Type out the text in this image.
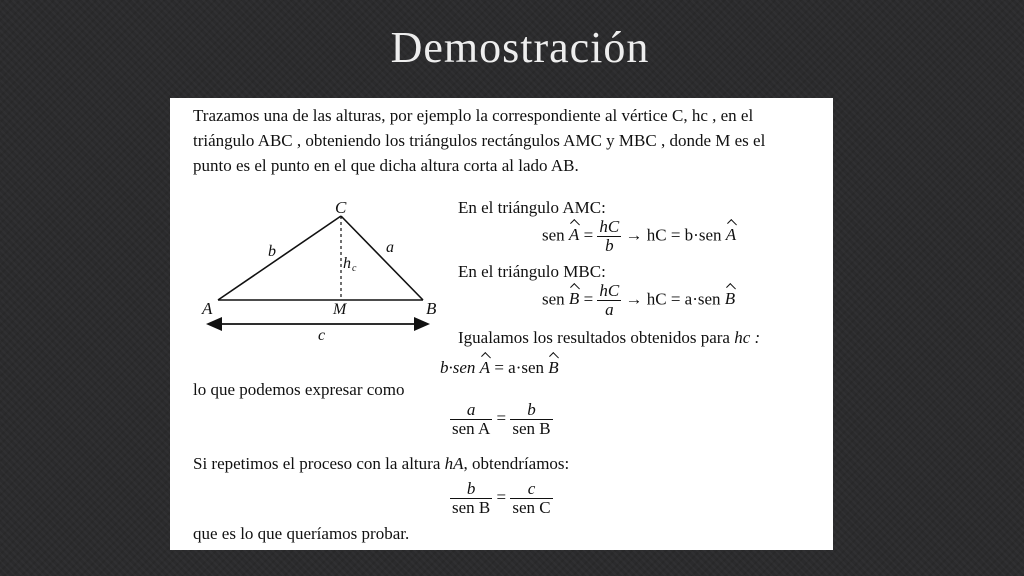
Demostración
Trazamos una de las alturas, por ejemplo la correspondiente al vértice C, hc , en el
triángulo ABC , obteniendo los triángulos rectángulos AMC y MBC , donde M es el
punto es el punto en el que dicha altura corta al lado AB.
C
A	B
M
b	a
c
h c
En el triángulo AMC:
sen $A = \frac{hC}{b}$ → hC = b·sen A
En el triángulo MBC:
sen $B = \frac{hC}{a}$ → hC = a·sen B
Igualamos los resultados obtenidos para hc :
b·sen A = a·sen B
lo que podemos expresar como
$\frac{a}{\text{sen A}} = \frac{b}{\text{sen B}}$
Si repetimos el proceso con la altura hA, obtendríamos:
$\frac{b}{\text{sen B}} = \frac{c}{\text{sen C}}$
que es lo que queríamos probar.
